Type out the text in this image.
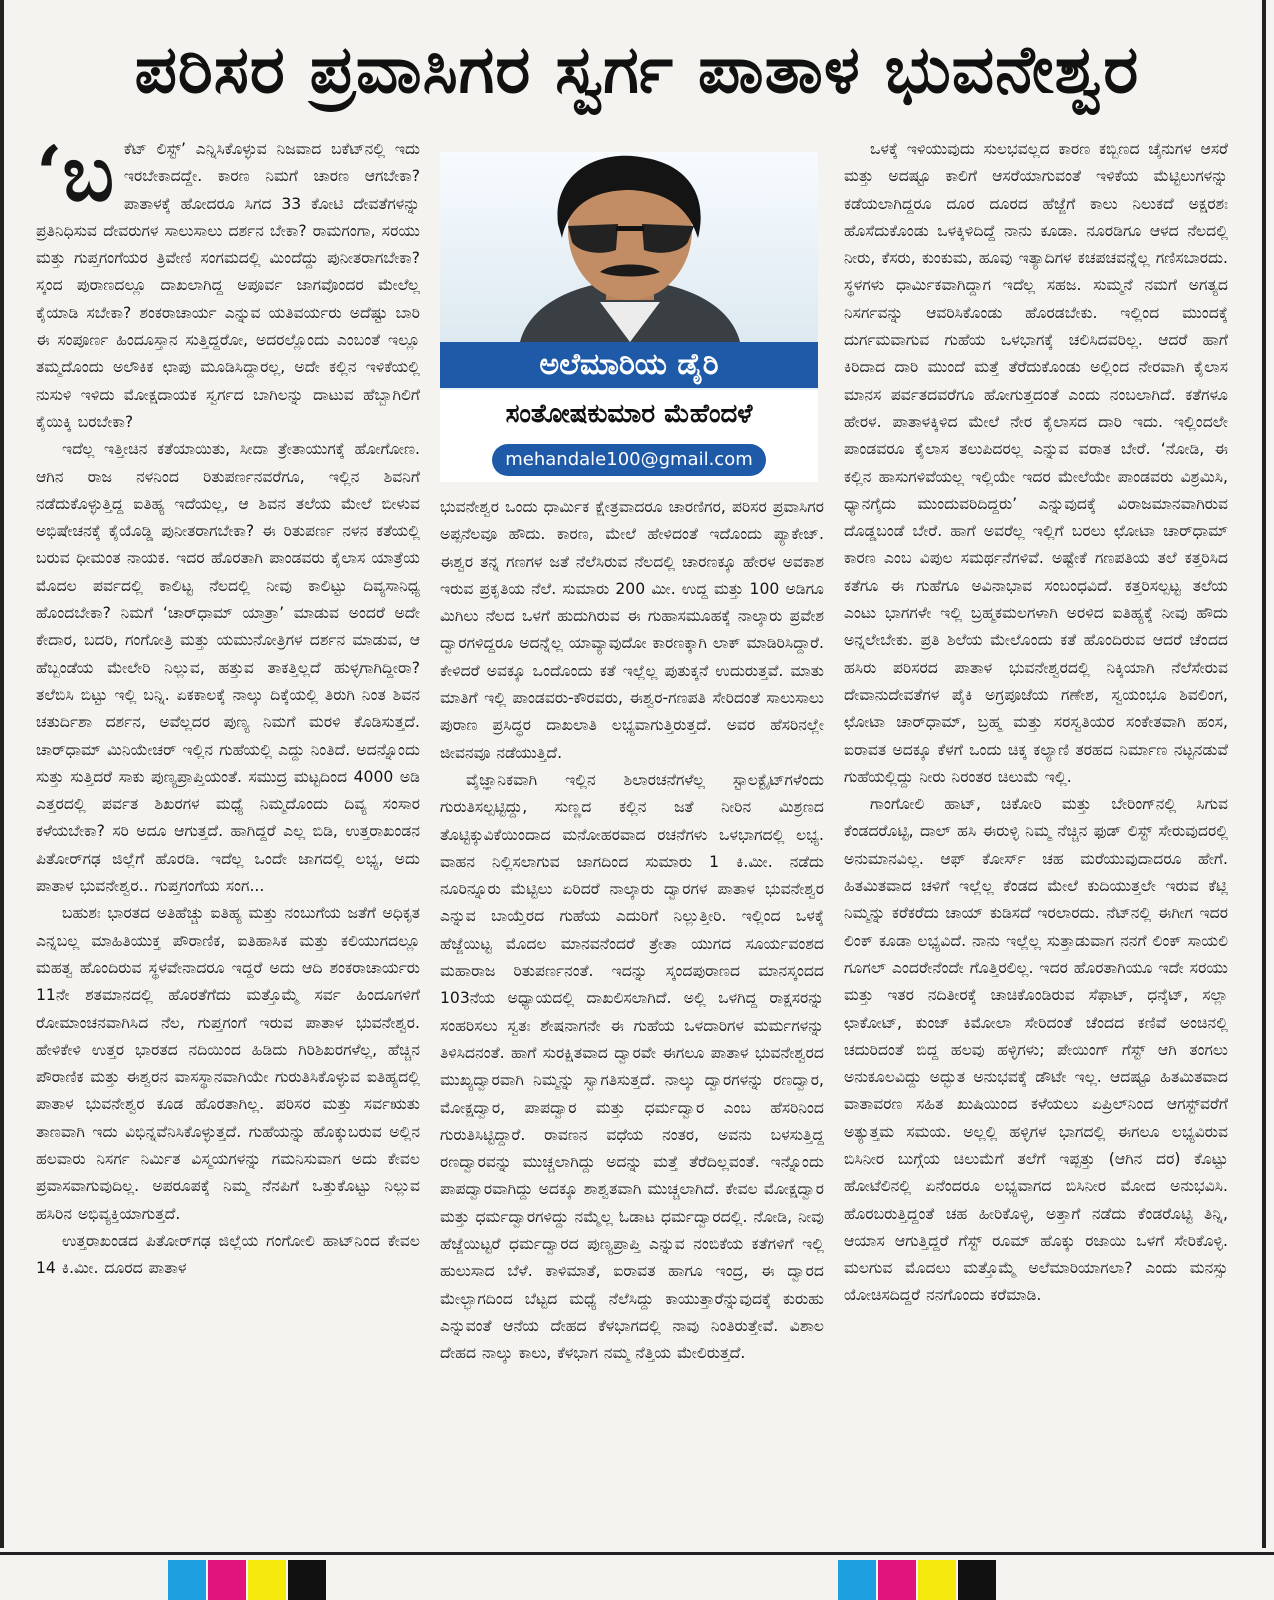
ಪರಿಸರ ಪ್ರವಾಸಿಗರ ಸ್ವರ್ಗ ಪಾತಾಳ ಭುವನೇಶ್ವರ
‘ಬ ಕೆಟ್ ಲಿಸ್ಟ್’ ಎನ್ನಿಸಿಕೊಳ್ಳುವ ನಿಜವಾದ ಬಕೆಟ್‌ನಲ್ಲಿ ಇದು ಇರಬೇಕಾದದ್ದೇ. ಕಾರಣ ನಿಮಗೆ ಚಾರಣ ಆಗಬೇಕಾ? ಪಾತಾಳಕ್ಕೆ ಹೋದರೂ ಸಿಗದ 33 ಕೋಟಿ ದೇವತೆಗಳನ್ನು ಪ್ರತಿನಿಧಿಸುವ ದೇವರುಗಳ ಸಾಲುಸಾಲು ದರ್ಶನ ಬೇಕಾ? ರಾಮಗಂಗಾ, ಸರಯು ಮತ್ತು ಗುಪ್ತಗಂಗೆಯರ ತ್ರಿವೇಣಿ ಸಂಗಮದಲ್ಲಿ ಮಿಂದೆದ್ದು ಪುನೀತರಾಗಬೇಕಾ? ಸ್ಕಂದ ಪುರಾಣದಲ್ಲೂ ದಾಖಲಾಗಿದ್ದ ಅಪೂರ್ವ ಜಾಗವೊಂದರ ಮೇಲೆಲ್ಲ ಕೈಯಾಡಿ ಸಬೇಕಾ? ಶಂಕರಾಚಾರ್ಯ ಎನ್ನುವ ಯತಿವರ್ಯರು ಅದೆಷ್ಟು ಬಾರಿ ಈ ಸಂಪೂರ್ಣ ಹಿಂದೂಸ್ತಾನ ಸುತ್ತಿದ್ದರೋ, ಅದರಲ್ಲೊಂದು ಎಂಬಂತೆ ಇಲ್ಲೂ ತಮ್ಮದೊಂದು ಅಲೌಕಿಕ ಛಾಪು ಮೂಡಿಸಿದ್ದಾರಲ್ಲ, ಅದೇ ಕಲ್ಲಿನ ಇಳಿಕೆಯಲ್ಲಿ ನುಸುಳಿ ಇಳಿದು ಮೋಕ್ಷದಾಯಕ ಸ್ವರ್ಗದ ಬಾಗಿಲನ್ನು ದಾಟುವ ಹೆಬ್ಬಾಗಿಲಿಗೆ ಕೈಯಿಕ್ಕಿ ಬರಬೇಕಾ?

ಇದೆಲ್ಲ ಇತ್ತೀಚಿನ ಕತೆಯಾಯಿತು, ಸೀದಾ ತ್ರೇತಾಯುಗಕ್ಕೆ ಹೋಗೋಣ. ಆಗಿನ ರಾಜ ನಳನಿಂದ ರಿತುಪರ್ಣನವರೆಗೂ, ಇಲ್ಲಿನ ಶಿವನಿಗೆ ನಡೆದುಕೊಳ್ಳುತ್ತಿದ್ದ ಐತಿಹ್ಯ ಇದೆಯಲ್ಲ, ಆ ಶಿವನ ತಲೆಯ ಮೇಲೆ ಬೀಳುವ ಅಭಿಷೇಚನಕ್ಕೆ ಕೈಯೊಡ್ಡಿ ಪುನೀತರಾಗಬೇಕಾ? ಈ ರಿತುಪರ್ಣ ನಳನ ಕತೆಯಲ್ಲಿ ಬರುವ ಧೀಮಂತ ನಾಯಕ. ಇದರ ಹೊರತಾಗಿ ಪಾಂಡವರು ಕೈಲಾಸ ಯಾತ್ರೆಯ ಮೊದಲ ಪರ್ವದಲ್ಲಿ ಕಾಲಿಟ್ಟ ನೆಲದಲ್ಲಿ ನೀವು ಕಾಲಿಟ್ಟು ದಿವ್ಯಸಾನಿಧ್ಯ ಹೊಂದಬೇಕಾ? ನಿಮಗೆ ‘ಚಾರ್‌ಧಾಮ್ ಯಾತ್ರಾ’ ಮಾಡುವ ಅಂದರೆ ಅದೇ ಕೇದಾರ, ಬದರಿ, ಗಂಗೋತ್ರಿ ಮತ್ತು ಯಮುನೋತ್ರಿಗಳ ದರ್ಶನ ಮಾಡುವ, ಆ ಹೆಬ್ಬಂಡೆಯ ಮೇಲೇರಿ ನಿಲ್ಲುವ, ಹತ್ತುವ ತಾಕತ್ತಿಲ್ಲದೆ ಹುಳ್ಳಗಾಗಿದ್ದೀರಾ? ತಲೆಬಿಸಿ ಬಿಟ್ಟು ಇಲ್ಲಿ ಬನ್ನಿ. ಏಕಕಾಲಕ್ಕೆ ನಾಲ್ಕು ದಿಕ್ಕೆಯಲ್ಲಿ ತಿರುಗಿ ನಿಂತ ಶಿವನ ಚತುರ್ದಿಶಾ ದರ್ಶನ, ಅವೆಲ್ಲದರ ಪುಣ್ಯ ನಿಮಗೆ ಮರಳಿ ಕೊಡಿಸುತ್ತದೆ. ಚಾರ್‌ಧಾಮ್ ಮಿನಿಯೇಚರ್ ಇಲ್ಲಿನ ಗುಹೆಯಲ್ಲಿ ಎದ್ದು ನಿಂತಿದೆ. ಅದನ್ನೊಂದು ಸುತ್ತು ಸುತ್ತಿದರೆ ಸಾಕು ಪುಣ್ಯಪ್ರಾಪ್ತಿಯಂತೆ. ಸಮುದ್ರ ಮಟ್ಟದಿಂದ 4000 ಅಡಿ ಎತ್ತರದಲ್ಲಿ ಪರ್ವತ ಶಿಖರಗಳ ಮಧ್ಯೆ ನಿಮ್ಮದೊಂದು ದಿವ್ಯ ಸಂಸಾರ ಕಳೆಯಬೇಕಾ? ಸರಿ ಅದೂ ಆಗುತ್ತದೆ. ಹಾಗಿದ್ದರೆ ಎಲ್ಲ ಬಿಡಿ, ಉತ್ತರಾಖಂಡನ ಪಿತೋರ್‌ಗಢ ಜಿಲ್ಲೆಗೆ ಹೊರಡಿ. ಇದೆಲ್ಲ ಒಂದೇ ಜಾಗದಲ್ಲಿ ಲಭ್ಯ, ಅದು ಪಾತಾಳ ಭುವನೇಶ್ವರ.. ಗುಪ್ತಗಂಗೆಯ ಸಂಗ...

ಬಹುಶಃ ಭಾರತದ ಅತಿಹೆಚ್ಚು ಐತಿಹ್ಯ ಮತ್ತು ನಂಬುಗೆಯ ಜತೆಗೆ ಅಧಿಕೃತ ಎನ್ನಬಲ್ಲ ಮಾಹಿತಿಯುಕ್ತ ಪೌರಾಣಿಕ, ಐತಿಹಾಸಿಕ ಮತ್ತು ಕಲಿಯುಗದಲ್ಲೂ ಮಹತ್ವ ಹೊಂದಿರುವ ಸ್ಥಳವೇನಾದರೂ ಇದ್ದರೆ ಅದು ಆದಿ ಶಂಕರಾಚಾರ್ಯರು 11ನೇ ಶತಮಾನದಲ್ಲಿ ಹೊರತೆಗೆದು ಮತ್ತೊಮ್ಮೆ ಸರ್ವ ಹಿಂದೂಗಳಿಗೆ ರೋಮಾಂಚನವಾಗಿಸಿದ ನೆಲ, ಗುಪ್ತಗಂಗೆ ಇರುವ ಪಾತಾಳ ಭುವನೇಶ್ವರ. ಹೇಳಿಕೇಳಿ ಉತ್ತರ ಭಾರತದ ನದಿಯಿಂದ ಹಿಡಿದು ಗಿರಿಶಿಖರಗಳೆಲ್ಲ, ಹೆಚ್ಚಿನ ಪೌರಾಣಿಕ ಮತ್ತು ಈಶ್ವರನ ವಾಸಸ್ಥಾನವಾಗಿಯೇ ಗುರುತಿಸಿಕೊಳ್ಳುವ ಐತಿಹ್ಯದಲ್ಲಿ ಪಾತಾಳ ಭುವನೇಶ್ವರ ಕೂಡ ಹೊರತಾಗಿಲ್ಲ. ಪರಿಸರ ಮತ್ತು ಸರ್ವಋತು ತಾಣವಾಗಿ ಇದು ವಿಭಿನ್ನವೆನಿಸಿಕೊಳ್ಳುತ್ತದೆ. ಗುಹೆಯನ್ನು ಹೊಕ್ಕುಬರುವ ಅಲ್ಲಿನ ಹಲವಾರು ನಿಸರ್ಗ ನಿರ್ಮಿತ ವಿಸ್ಮಯಗಳನ್ನು ಗಮನಿಸುವಾಗ ಅದು ಕೇವಲ ಪ್ರವಾಸವಾಗುವುದಿಲ್ಲ. ಅಪರೂಪಕ್ಕೆ ನಿಮ್ಮ ನೆನಪಿಗೆ ಒತ್ತುಕೊಟ್ಟು ನಿಲ್ಲುವ ಹಸಿರಿನ ಅಭಿವ್ಯಕ್ತಿಯಾಗುತ್ತದೆ.

ಉತ್ತರಾಖಂಡದ ಪಿತೋರ್‌ಗಢ ಜಿಲ್ಲೆಯ ಗಂಗೋಲಿ ಹಾಟ್‌ನಿಂದ ಕೇವಲ 14 ಕಿ.ಮೀ. ದೂರದ ಪಾತಾಳ

ಅಲೆಮಾರಿಯ ಡೈರಿ
ಸಂತೋಷಕುಮಾರ ಮೆಹೆಂದಳೆ
mehandale100@gmail.com

ಭುವನೇಶ್ವರ ಒಂದು ಧಾರ್ಮಿಕ ಕ್ಷೇತ್ರವಾದರೂ ಚಾರಣಿಗರ, ಪರಿಸರ ಪ್ರವಾಸಿಗರ ಅಪ್ಪನೆಲವೂ ಹೌದು. ಕಾರಣ, ಮೇಲೆ ಹೇಳಿದಂತೆ ಇದೊಂದು ಪ್ಯಾಕೇಜ್. ಈಶ್ವರ ತನ್ನ ಗಣಗಳ ಜತೆ ನೆಲೆಸಿರುವ ನೆಲದಲ್ಲಿ ಚಾರಣಕ್ಕೂ ಹೇರಳ ಅವಕಾಶ ಇರುವ ಪ್ರಕೃತಿಯ ನೆಲೆ. ಸುಮಾರು 200 ಮೀ. ಉದ್ದ ಮತ್ತು 100 ಅಡಿಗೂ ಮಿಗಿಲು ನೆಲದ ಒಳಗೆ ಹುದುಗಿರುವ ಈ ಗುಹಾಸಮೂಹಕ್ಕೆ ನಾಲ್ಕಾರು ಪ್ರವೇಶ ದ್ವಾರಗಳಿದ್ದರೂ ಅದನ್ನೆಲ್ಲ ಯಾವ್ಯಾವುದೋ ಕಾರಣಕ್ಕಾಗಿ ಲಾಕ್ ಮಾಡಿರಿಸಿದ್ದಾರೆ. ಕೇಳಿದರೆ ಅವಕ್ಕೂ ಒಂದೊಂದು ಕತೆ ಇಲ್ಲೆಲ್ಲ ಪುತುಕ್ಕನೆ ಉದುರುತ್ತವೆ. ಮಾತು ಮಾತಿಗೆ ಇಲ್ಲಿ ಪಾಂಡವರು-ಕೌರವರು, ಈಶ್ವರ-ಗಣಪತಿ ಸೇರಿದಂತೆ ಸಾಲುಸಾಲು ಪುರಾಣ ಪ್ರಸಿದ್ಧರ ದಾಖಲಾತಿ ಲಭ್ಯವಾಗುತ್ತಿರುತ್ತದೆ. ಅವರ ಹೆಸರಿನಲ್ಲೇ ಜೀವನವೂ ನಡೆಯುತ್ತಿದೆ.

ವೈಜ್ಞಾನಿಕವಾಗಿ ಇಲ್ಲಿನ ಶಿಲಾರಚನೆಗಳೆಲ್ಲ ಸ್ಟಾಲಕ್ಟೈಟ್‌ಗಳೆಂದು ಗುರುತಿಸಲ್ಪಟ್ಟಿದ್ದು, ಸುಣ್ಣದ ಕಲ್ಲಿನ ಜತೆ ನೀರಿನ ಮಿಶ್ರಣದ ತೊಟ್ಟಿಕ್ಕುವಿಕೆಯಿಂದಾದ ಮನೋಹರವಾದ ರಚನೆಗಳು ಒಳಭಾಗದಲ್ಲಿ ಲಭ್ಯ. ವಾಹನ ನಿಲ್ಲಿಸಲಾಗುವ ಜಾಗದಿಂದ ಸುಮಾರು 1 ಕಿ.ಮೀ. ನಡೆದು ನೂರಿನ್ನೂರು ಮೆಟ್ಟಿಲು ಏರಿದರೆ ನಾಲ್ಕಾರು ದ್ವಾರಗಳ ಪಾತಾಳ ಭುವನೇಶ್ವರ ಎನ್ನುವ ಬಾಯ್ತೆರದ ಗುಹೆಯ ಎದುರಿಗೆ ನಿಲ್ಲುತ್ತೀರಿ. ಇಲ್ಲಿಂದ ಒಳಕ್ಕೆ ಹೆಜ್ಜೆಯಿಟ್ಟ ಮೊದಲ ಮಾನವನೆಂದರೆ ತ್ರೇತಾ ಯುಗದ ಸೂರ್ಯವಂಶದ ಮಹಾರಾಜ ರಿತುಪರ್ಣನಂತೆ. ಇದನ್ನು ಸ್ಕಂದಪುರಾಣದ ಮಾನಸ್ಕಂದದ 103ನೆಯ ಅಧ್ಯಾಯದಲ್ಲಿ ದಾಖಲಿಸಲಾಗಿದೆ. ಅಲ್ಲಿ ಒಳಗಿದ್ದ ರಾಕ್ಷಸರನ್ನು ಸಂಹರಿಸಲು ಸ್ವತಃ ಶೇಷನಾಗನೇ ಈ ಗುಹೆಯ ಒಳದಾರಿಗಳ ಮರ್ಮಗಳನ್ನು ತಿಳಿಸಿದನಂತೆ. ಹಾಗೆ ಸುರಕ್ಷಿತವಾದ ದ್ವಾರವೇ ಈಗಲೂ ಪಾತಾಳ ಭುವನೇಶ್ವರದ ಮುಖ್ಯದ್ವಾರವಾಗಿ ನಿಮ್ಮನ್ನು ಸ್ವಾಗತಿಸುತ್ತದೆ. ನಾಲ್ಕು ದ್ವಾರಗಳನ್ನು ರಣದ್ವಾರ, ಮೋಕ್ಷದ್ವಾರ, ಪಾಪದ್ವಾರ ಮತ್ತು ಧರ್ಮದ್ವಾರ ಎಂಬ ಹೆಸರಿನಿಂದ ಗುರುತಿಸಿಟ್ಟಿದ್ದಾರೆ. ರಾವಣನ ವಧೆಯ ನಂತರ, ಅವನು ಬಳಸುತ್ತಿದ್ದ ರಣದ್ವಾರವನ್ನು ಮುಚ್ಚಲಾಗಿದ್ದು ಅದನ್ನು ಮತ್ತೆ ತೆರೆದಿಲ್ಲವಂತೆ. ಇನ್ನೊಂದು ಪಾಪದ್ವಾರವಾಗಿದ್ದು ಅದಕ್ಕೂ ಶಾಶ್ವತವಾಗಿ ಮುಚ್ಚಲಾಗಿದೆ. ಕೇವಲ ಮೋಕ್ಷದ್ವಾರ ಮತ್ತು ಧರ್ಮದ್ವಾರಗಳಿದ್ದು ನಮ್ಮೆಲ್ಲ ಓಡಾಟ ಧರ್ಮದ್ವಾರದಲ್ಲಿ. ನೋಡಿ, ನೀವು ಹೆಜ್ಜೆಯಿಟ್ಟರೆ ಧರ್ಮದ್ವಾರದ ಪುಣ್ಯಪ್ರಾಪ್ತಿ ಎನ್ನುವ ನಂಬಿಕೆಯ ಕತೆಗಳಿಗೆ ಇಲ್ಲಿ ಹುಲುಸಾದ ಬೆಳೆ. ಕಾಳಿಮಾತೆ, ಐರಾವತ ಹಾಗೂ ಇಂದ್ರ, ಈ ದ್ವಾರದ ಮೇಲ್ಭಾಗದಿಂದ ಬೆಟ್ಟದ ಮಧ್ಯೆ ನೆಲೆಸಿದ್ದು ಕಾಯುತ್ತಾರೆನ್ನುವುದಕ್ಕೆ ಕುರುಹು ಎನ್ನುವಂತೆ ಆನೆಯ ದೇಹದ ಕೆಳಭಾಗದಲ್ಲಿ ನಾವು ನಿಂತಿರುತ್ತೇವೆ. ವಿಶಾಲ ದೇಹದ ನಾಲ್ಕು ಕಾಲು, ಕೆಳಭಾಗ ನಮ್ಮ ನೆತ್ತಿಯ ಮೇಲಿರುತ್ತದೆ.

ಒಳಕ್ಕೆ ಇಳಿಯುವುದು ಸುಲಭವಲ್ಲದ ಕಾರಣ ಕಬ್ಬಿಣದ ಚೈನುಗಳ ಆಸರೆ ಮತ್ತು ಅದಷ್ಟೂ ಕಾಲಿಗೆ ಆಸರೆಯಾಗುವಂತೆ ಇಳಿಕೆಯ ಮೆಟ್ಟಿಲುಗಳನ್ನು ಕಡೆಯಲಾಗಿದ್ದರೂ ದೂರ ದೂರದ ಹೆಜ್ಜೆಗೆ ಕಾಲು ನಿಲುಕದೆ ಅಕ್ಷರಶಃ ಹೊಸೆದುಕೊಂಡು ಒಳಕ್ಕಿಳಿದಿದ್ದೆ ನಾನು ಕೂಡಾ. ನೂರಡಿಗೂ ಆಳದ ನೆಲದಲ್ಲಿ ನೀರು, ಕೆಸರು, ಕುಂಕುಮ, ಹೂವು ಇತ್ಯಾದಿಗಳ ಕಚಪಚವನ್ನೆಲ್ಲ ಗಣಿಸಬಾರದು. ಸ್ಥಳಗಳು ಧಾರ್ಮಿಕವಾಗಿದ್ದಾಗ ಇದೆಲ್ಲ ಸಹಜ. ಸುಮ್ಮನೆ ನಮಗೆ ಅಗತ್ಯದ ನಿಸರ್ಗವನ್ನು ಆವರಿಸಿಕೊಂಡು ಹೊರಡಬೇಕು. ಇಲ್ಲಿಂದ ಮುಂದಕ್ಕೆ ದುರ್ಗಮವಾಗುವ ಗುಹೆಯ ಒಳಭಾಗಕ್ಕೆ ಚಲಿಸಿದವರಿಲ್ಲ. ಆದರೆ ಹಾಗೆ ಕಿರಿದಾದ ದಾರಿ ಮುಂದೆ ಮತ್ತೆ ತೆರೆದುಕೊಂಡು ಅಲ್ಲಿಂದ ನೇರವಾಗಿ ಕೈಲಾಸ ಮಾನಸ ಪರ್ವತದವರೆಗೂ ಹೋಗುತ್ತದಂತೆ ಎಂದು ನಂಬಲಾಗಿದೆ. ಕತೆಗಳೂ ಹೇರಳ. ಪಾತಾಳಕ್ಕಿಳಿದ ಮೇಲೆ ನೇರ ಕೈಲಾಸದ ದಾರಿ ಇದು. ಇಲ್ಲಿಂದಲೇ ಪಾಂಡವರೂ ಕೈಲಾಸ ತಲುಪಿದರಲ್ಲ ಎನ್ನುವ ವರಾತ ಬೇರೆ. ‘ನೋಡಿ, ಈ ಕಲ್ಲಿನ ಹಾಸುಗಳಿವೆಯಲ್ಲ ಇಲ್ಲಿಯೇ ಇದರ ಮೇಲೆಯೇ ಪಾಂಡವರು ವಿಶ್ರಮಿಸಿ, ಧ್ಯಾನಗೈದು ಮುಂದುವರಿದಿದ್ದರು’ ಎನ್ನುವುದಕ್ಕೆ ವಿರಾಜಮಾನವಾಗಿರುವ ದೊಡ್ಡಬಂಡೆ ಬೇರೆ. ಹಾಗೆ ಅವರೆಲ್ಲ ಇಲ್ಲಿಗೆ ಬರಲು ಛೋಟಾ ಚಾರ್‌ಧಾಮ್ ಕಾರಣ ಎಂಬ ವಿಪುಲ ಸಮರ್ಥನೆಗಳಿವೆ. ಅಷ್ಟೇಕೆ ಗಣಪತಿಯ ತಲೆ ಕತ್ತರಿಸಿದ ಕತೆಗೂ ಈ ಗುಹೆಗೂ ಅವಿನಾಭಾವ ಸಂಬಂಧವಿದೆ. ಕತ್ತರಿಸಲ್ಪಟ್ಟ ತಲೆಯ ಎಂಟು ಭಾಗಗಳೇ ಇಲ್ಲಿ ಬ್ರಹ್ಮಕಮಲಗಳಾಗಿ ಅರಳಿದ ಐತಿಹ್ಯಕ್ಕೆ ನೀವು ಹೌದು ಅನ್ನಲೇಬೇಕು. ಪ್ರತಿ ಶಿಲೆಯ ಮೇಲೊಂದು ಕತೆ ಹೊಂದಿರುವ ಆದರೆ ಚೆಂದದ ಹಸಿರು ಪರಿಸರದ ಪಾತಾಳ ಭುವನೇಶ್ವರದಲ್ಲಿ ನಿಕ್ಕಿಯಾಗಿ ನೆಲೆಸೇರುವ ದೇವಾನುದೇವತೆಗಳ ಪೈಕಿ ಅಗ್ರಪೂಜೆಯ ಗಣೇಶ, ಸ್ವಯಂಭೂ ಶಿವಲಿಂಗ, ಛೋಟಾ ಚಾರ್‌ಧಾಮ್, ಬ್ರಹ್ಮ ಮತ್ತು ಸರಸ್ವತಿಯರ ಸಂಕೇತವಾಗಿ ಹಂಸ, ಐರಾವತ ಅದಕ್ಕೂ ಕೆಳಗೆ ಒಂದು ಚಿಕ್ಕ ಕಲ್ಯಾಣಿ ತರಹದ ನಿರ್ಮಾಣ ನಟ್ಟನಡುವೆ ಗುಹೆಯಲ್ಲಿದ್ದು ನೀರು ನಿರಂತರ ಚಿಲುಮೆ ಇಲ್ಲಿ.

ಗಾಂಗೋಲಿ ಹಾಟ್, ಚಿಕೋರಿ ಮತ್ತು ಬೇರಿಂಗ್‌ನಲ್ಲಿ ಸಿಗುವ ಕೆಂಡದರೊಟ್ಟಿ, ದಾಲ್ ಹಸಿ ಈರುಳ್ಳಿ ನಿಮ್ಮ ನೆಚ್ಚಿನ ಫುಡ್ ಲಿಸ್ಟ್ ಸೇರುವುದರಲ್ಲಿ ಅನುಮಾನವಿಲ್ಲ. ಆಫ್ ಕೋರ್ಸ್ ಚಹ ಮರೆಯುವುದಾದರೂ ಹೇಗೆ. ಹಿತಮಿತವಾದ ಚಳಿಗೆ ಇಲ್ಲೆಲ್ಲ ಕೆಂಡದ ಮೇಲೆ ಕುದಿಯುತ್ತಲೇ ಇರುವ ಕೆಟ್ಲಿ ನಿಮ್ಮನ್ನು ಕರೆಕರೆದು ಚಾಯ್ ಕುಡಿಸದೆ ಇರಲಾರದು. ನೆಟ್‌ನಲ್ಲಿ ಈಗೀಗ ಇದರ ಲಿಂಕ್ ಕೂಡಾ ಲಭ್ಯವಿದೆ. ನಾನು ಇಲ್ಲೆಲ್ಲ ಸುತ್ತಾಡುವಾಗ ನನಗೆ ಲಿಂಕ್ ಸಾಯಲಿ ಗೂಗಲ್ ಎಂದರೇನೆಂದೇ ಗೊತ್ತಿರಲಿಲ್ಲ. ಇದರ ಹೊರತಾಗಿಯೂ ಇದೇ ಸರಯು ಮತ್ತು ಇತರ ನದಿತೀರಕ್ಕೆ ಚಾಚಿಕೊಂಡಿರುವ ಸೆಫಾಟ್, ಧನ್ಕೆಟ್, ಸಲ್ಲಾ ಛಾಕೋಟ್, ಕುಂಜ್ ಕಿಮೋಲಾ ಸೇರಿದಂತೆ ಚೆಂದದ ಕಣಿವೆ ಅಂಚಿನಲ್ಲಿ ಚದುರಿದಂತೆ ಬಿದ್ದ ಹಲವು ಹಳ್ಳಿಗಳು; ಪೇಯಿಂಗ್ ಗೆಸ್ಟ್ ಆಗಿ ತಂಗಲು ಅನುಕೂಲವಿದ್ದು ಅದ್ಭುತ ಅನುಭವಕ್ಕೆ ಡೌಟೇ ಇಲ್ಲ. ಆದಷ್ಟೂ ಹಿತಮಿತವಾದ ವಾತಾವರಣ ಸಹಿತ ಖುಷಿಯಿಂದ ಕಳೆಯಲು ಏಪ್ರಿಲ್‌ನಿಂದ ಆಗಸ್ಟ್‌ವರೆಗೆ ಅತ್ಯುತ್ತಮ ಸಮಯ. ಅಲ್ಲಲ್ಲಿ ಹಳ್ಳಿಗಳ ಭಾಗದಲ್ಲಿ ಈಗಲೂ ಲಭ್ಯವಿರುವ ಬಿಸಿನೀರ ಬುಗ್ಗೆಯ ಚಿಲುಮೆಗೆ ತಲೆಗೆ ಇಪ್ಪತ್ತು (ಆಗಿನ ದರ) ಕೊಟ್ಟು ಹೋಟೆಲಿನಲ್ಲಿ ಏನೆಂದರೂ ಲಭ್ಯವಾಗದ ಬಿಸಿನೀರ ಮೋದ ಅನುಭವಿಸಿ. ಹೊರಬರುತ್ತಿದ್ದಂತೆ ಚಹ ಹೀರಿಕೊಳ್ಳಿ, ಅತ್ತಾಗೆ ನಡೆದು ಕೆಂಡರೊಟ್ಟಿ ತಿನ್ನಿ, ಆಯಾಸ ಆಗುತ್ತಿದ್ದರೆ ಗೆಸ್ಟ್ ರೂಮ್ ಹೊಕ್ಕು ರಜಾಯಿ ಒಳಗೆ ಸೇರಿಕೊಳ್ಳಿ. ಮಲಗುವ ಮೊದಲು ಮತ್ತೊಮ್ಮೆ ಅಲೆಮಾರಿಯಾಗಲಾ? ಎಂದು ಮನಸ್ಸು ಯೋಚಿಸದಿದ್ದರೆ ನನಗೊಂದು ಕರೆಮಾಡಿ.
